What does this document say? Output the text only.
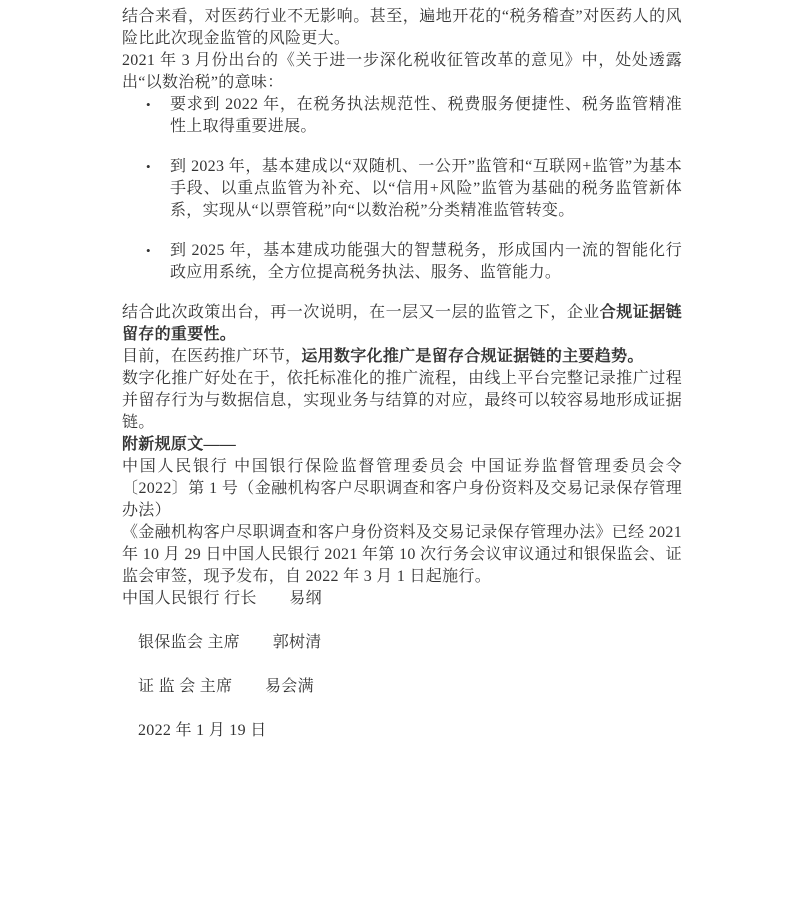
结合来看，对医药行业不无影响。甚至，遍地开花的“税务稽查”对医药人的风险比此次现金监管的风险更大。

2021 年 3 月份出台的《关于进一步深化税收征管改革的意见》中，处处透露出“以数治税”的意味：

•	要求到 2022 年，在税务执法规范性、税费服务便捷性、税务监管精准性上取得重要进展。
•	到 2023 年，基本建成以“双随机、一公开”监管和“互联网+监管”为基本手段、以重点监管为补充、以“信用+风险”监管为基础的税务监管新体系，实现从“以票管税”向“以数治税”分类精准监管转变。
•	到 2025 年，基本建成功能强大的智慧税务，形成国内一流的智能化行政应用系统，全方位提高税务执法、服务、监管能力。

结合此次政策出台，再一次说明，在一层又一层的监管之下，企业合规证据链留存的重要性。

目前，在医药推广环节，运用数字化推广是留存合规证据链的主要趋势。

数字化推广好处在于，依托标准化的推广流程，由线上平台完整记录推广过程并留存行为与数据信息，实现业务与结算的对应，最终可以较容易地形成证据链。

附新规原文——

中国人民银行 中国银行保险监督管理委员会 中国证券监督管理委员会令〔2022〕第 1 号（金融机构客户尽职调查和客户身份资料及交易记录保存管理办法）

《金融机构客户尽职调查和客户身份资料及交易记录保存管理办法》已经 2021 年 10 月 29 日中国人民银行 2021 年第 10 次行务会议审议通过和银保监会、证监会审签，现予发布，自 2022 年 3 月 1 日起施行。

中国人民银行 行长　　易纲

银保监会 主席　　郭树清

证 监 会 主席　　易会满

2022 年 1 月 19 日
